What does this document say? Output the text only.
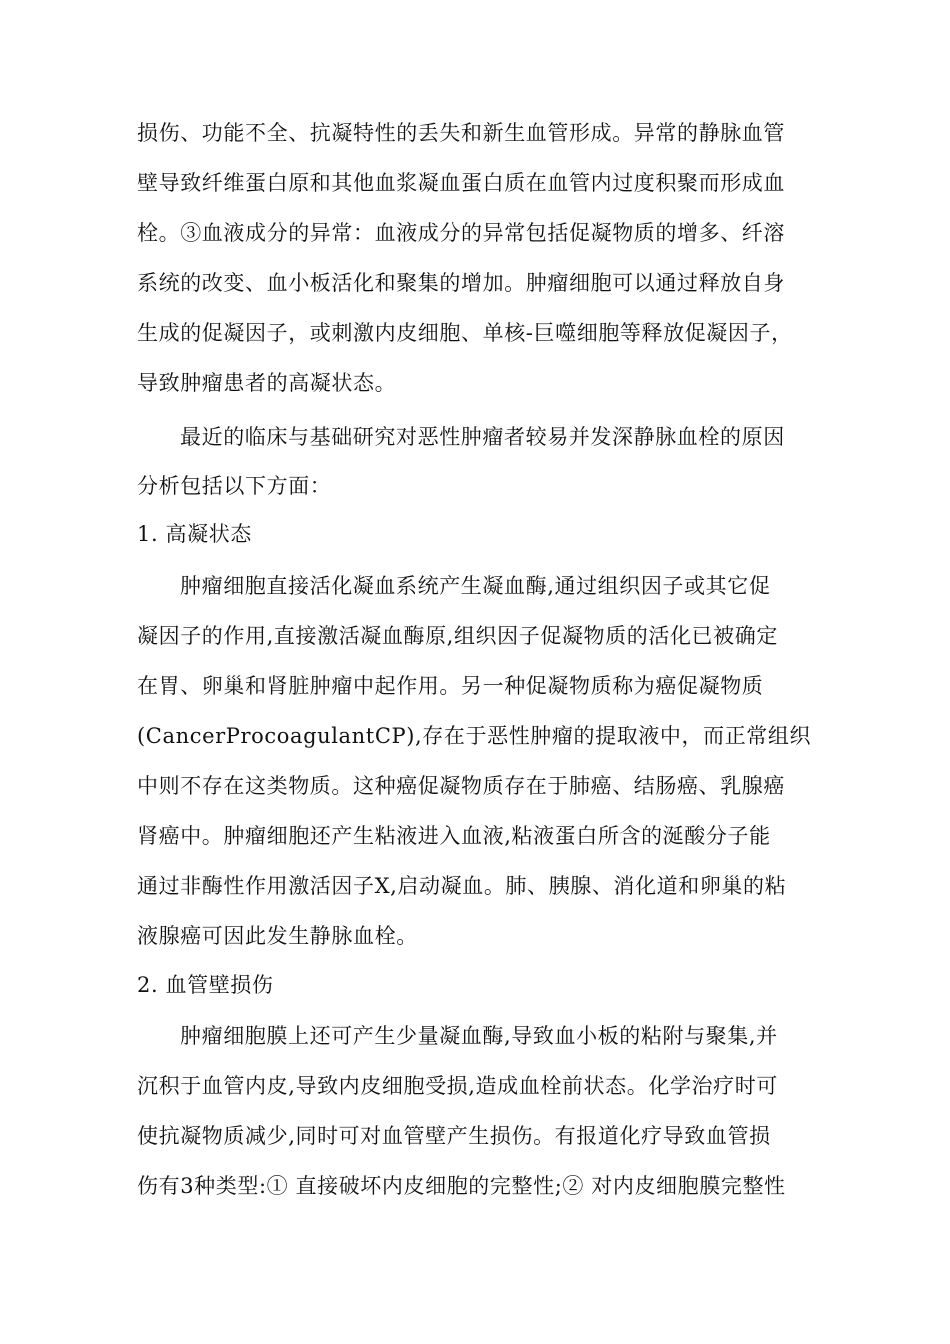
损伤、功能不全、抗凝特性的丢失和新生血管形成。异常的静脉血管
壁导致纤维蛋白原和其他血浆凝血蛋白质在血管内过度积聚而形成血
栓。③血液成分的异常：血液成分的异常包括促凝物质的增多、纤溶
系统的改变、血小板活化和聚集的增加。肿瘤细胞可以通过释放自身
生成的促凝因子，或刺激内皮细胞、单核-巨噬细胞等释放促凝因子，
导致肿瘤患者的高凝状态。
最近的临床与基础研究对恶性肿瘤者较易并发深静脉血栓的原因
分析包括以下方面：
1. 高凝状态
肿瘤细胞直接活化凝血系统产生凝血酶,通过组织因子或其它促
凝因子的作用,直接激活凝血酶原,组织因子促凝物质的活化已被确定
在胃、卵巢和肾脏肿瘤中起作用。另一种促凝物质称为癌促凝物质
(CancerProcoagulantCP),存在于恶性肿瘤的提取液中，而正常组织
中则不存在这类物质。这种癌促凝物质存在于肺癌、结肠癌、乳腺癌
肾癌中。肿瘤细胞还产生粘液进入血液,粘液蛋白所含的涎酸分子能
通过非酶性作用激活因子X,启动凝血。肺、胰腺、消化道和卵巢的粘
液腺癌可因此发生静脉血栓。
2. 血管壁损伤
肿瘤细胞膜上还可产生少量凝血酶,导致血小板的粘附与聚集,并
沉积于血管内皮,导致内皮细胞受损,造成血栓前状态。化学治疗时可
使抗凝物质减少,同时可对血管壁产生损伤。有报道化疗导致血管损
伤有3种类型:① 直接破坏内皮细胞的完整性;② 对内皮细胞膜完整性
